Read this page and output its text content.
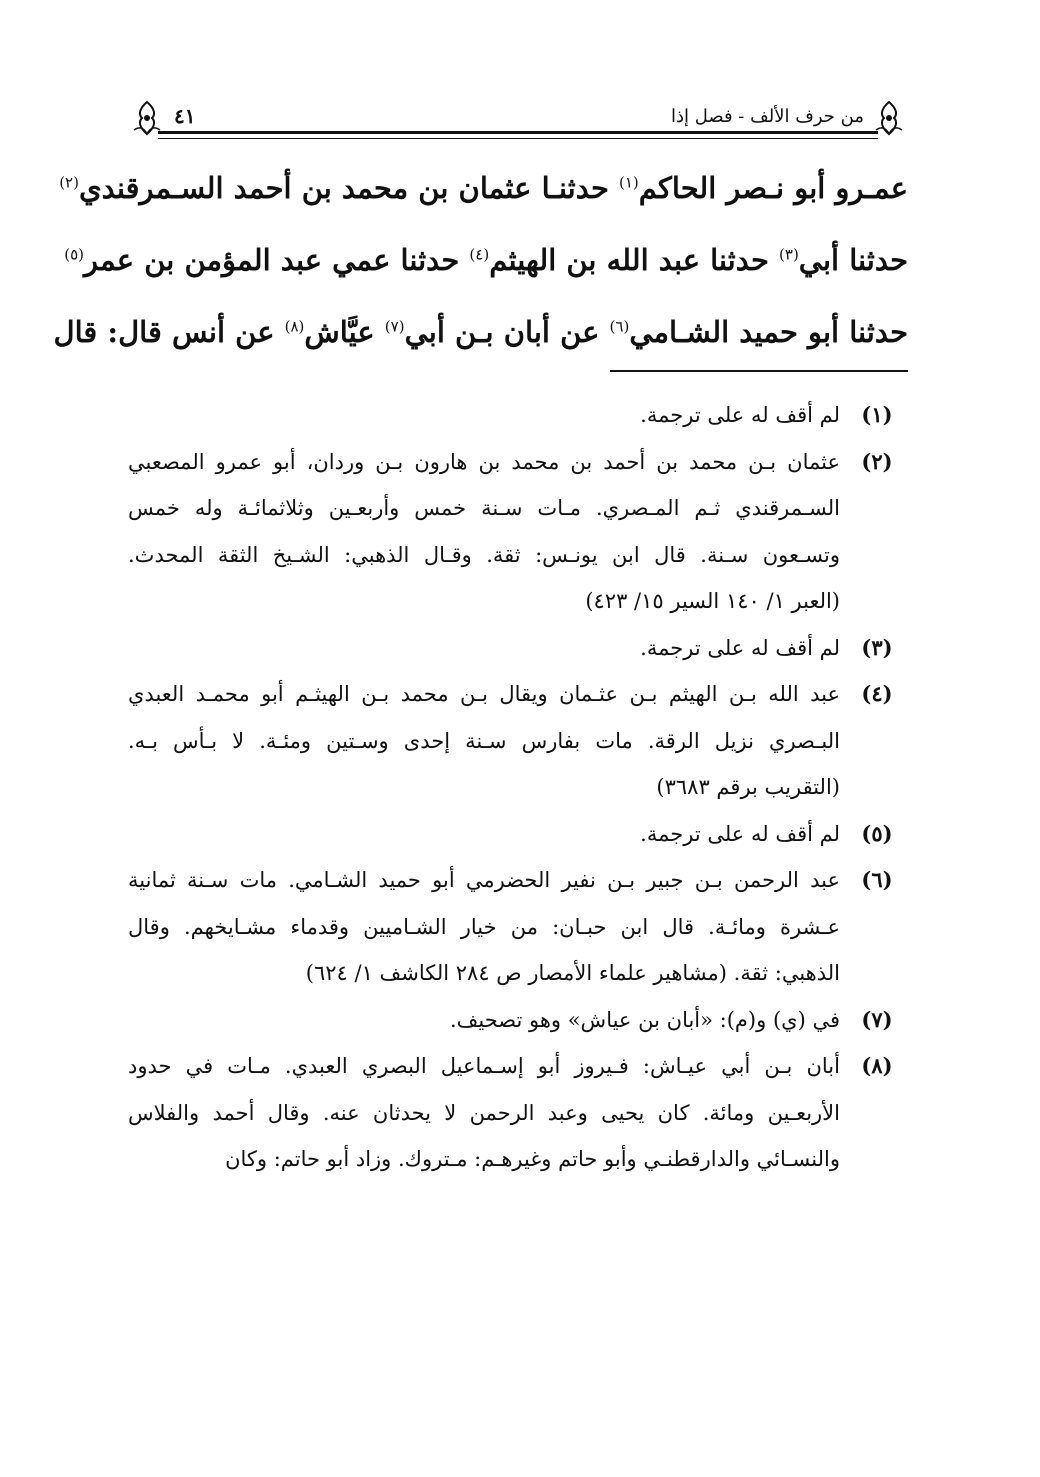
من حرف الألف - فصل إذا
٤١
عمـرو أبو نـصر الحاكم$^{(١)}$ حدثنـا عثمان بن محمد بن أحمد السـمرقندي$^{(٢)}$
حدثنا أبي$^{(٣)}$ حدثنا عبد الله بن الهيثم$^{(٤)}$ حدثنا عمي عبد المؤمن بن عمر$^{(٥)}$
حدثنا أبو حميد الشـامي$^{(٦)}$ عن أبان بـن أبي$^{(٧)}$ عيَّاش$^{(٨)}$ عن أنس قال: قال
(١)
لم أقف له على ترجمة.
(٢)
عثمان بـن محمد بن أحمد بن محمد بن هارون بـن وردان، أبو عمرو المصعبي
السـمرقندي ثـم المـصري. مـات سـنة خمس وأربعـين وثلاثمائـة وله خمس
وتسـعون سـنة. قال ابن يونـس: ثقة. وقـال الذهبي: الشـيخ الثقة المحدث.
(العبر ١/ ١٤٠ السير ١٥/ ٤٢٣)
(٣)
لم أقف له على ترجمة.
(٤)
عبد الله بـن الهيثم بـن عثـمان ويقال بـن محمد بـن الهيثـم أبو محمـد العبدي
البـصري نزيل الرقة. مات بفارس سـنة إحدى وسـتين ومئـة. لا بـأس بـه.
(التقريب برقم ٣٦٨٣)
(٥)
لم أقف له على ترجمة.
(٦)
عبد الرحمن بـن جبير بـن نفير الحضرمي أبو حميد الشـامي. مات سـنة ثمانية
عـشرة ومائـة. قال ابن حبـان: من خيار الشـاميين وقدماء مشـايخهم. وقال
الذهبي: ثقة. (مشاهير علماء الأمصار ص ٢٨٤ الكاشف ١/ ٦٢٤)
(٧)
في (ي) و(م): «أبان بن عياش» وهو تصحيف.
(٨)
أبان بـن أبي عيـاش: فـيروز أبو إسـماعيل البصري العبدي. مـات في حدود
الأربعـين ومائة. كان يحيى وعبد الرحمن لا يحدثان عنه. وقال أحمد والفلاس
والنسـائي والدارقطنـي وأبو حاتم وغيرهـم: مـتروك. وزاد أبو حاتم: وكان
